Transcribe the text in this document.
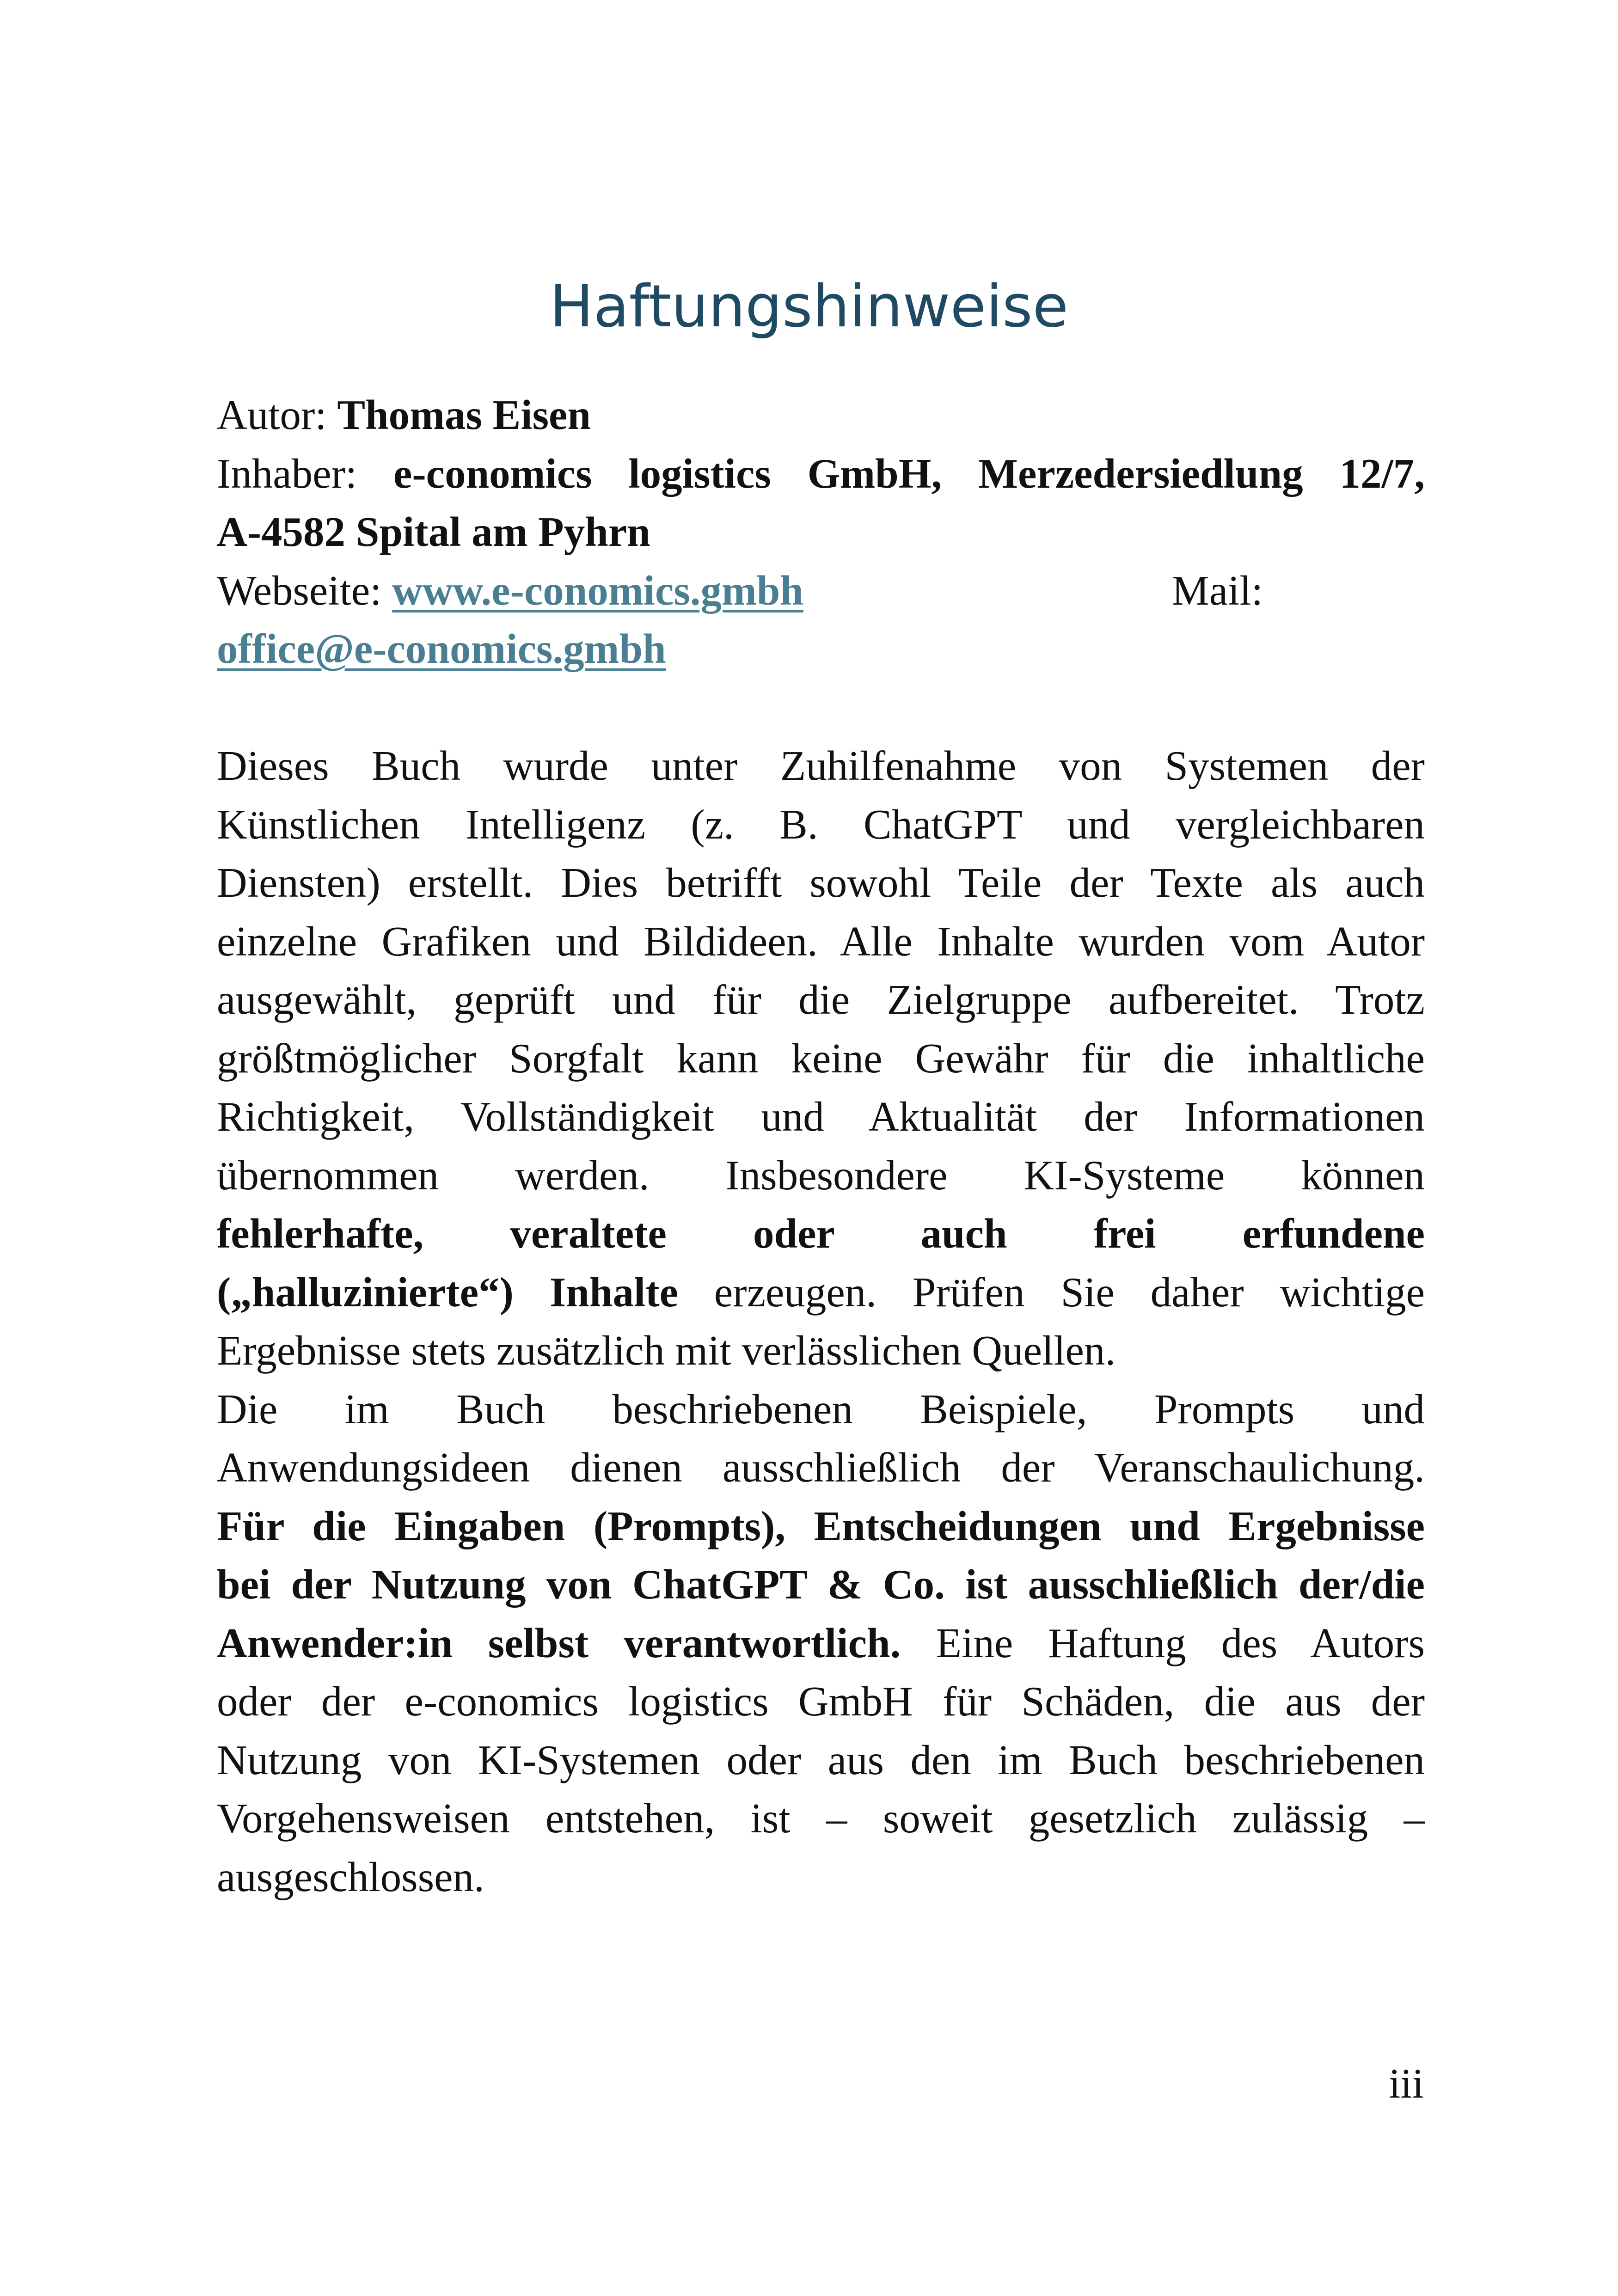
Haftungshinweise
Autor: Thomas Eisen
Inhaber: e-conomics logistics GmbH, Merzedersiedlung 12/7,
A-4582 Spital am Pyhrn
Webseite: www.e-conomics.gmbh	Mail:
office@e-conomics.gmbh
Dieses Buch wurde unter Zuhilfenahme von Systemen der
Künstlichen Intelligenz (z. B. ChatGPT und vergleichbaren
Diensten) erstellt. Dies betrifft sowohl Teile der Texte als auch
einzelne Grafiken und Bildideen. Alle Inhalte wurden vom Autor
ausgewählt, geprüft und für die Zielgruppe aufbereitet. Trotz
größtmöglicher Sorgfalt kann keine Gewähr für die inhaltliche
Richtigkeit, Vollständigkeit und Aktualität der Informationen
übernommen werden. Insbesondere KI-Systeme können
fehlerhafte, veraltete oder auch frei erfundene
(„halluzinierte“) Inhalte erzeugen. Prüfen Sie daher wichtige
Ergebnisse stets zusätzlich mit verlässlichen Quellen.
Die im Buch beschriebenen Beispiele, Prompts und
Anwendungsideen dienen ausschließlich der Veranschaulichung.
Für die Eingaben (Prompts), Entscheidungen und Ergebnisse
bei der Nutzung von ChatGPT & Co. ist ausschließlich der/die
Anwender:in selbst verantwortlich. Eine Haftung des Autors
oder der e-conomics logistics GmbH für Schäden, die aus der
Nutzung von KI-Systemen oder aus den im Buch beschriebenen
Vorgehensweisen entstehen, ist – soweit gesetzlich zulässig –
ausgeschlossen.
iii
